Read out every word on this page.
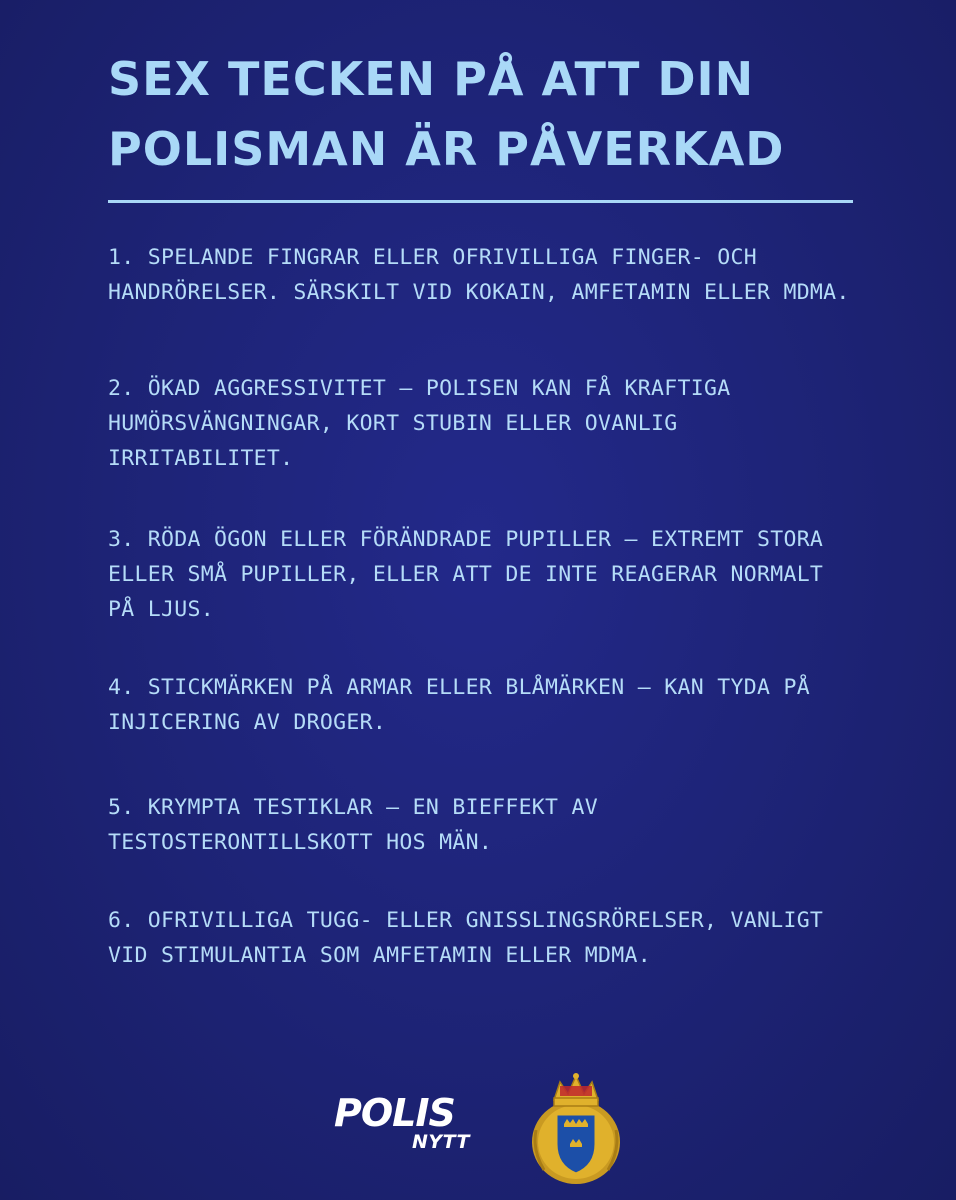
SEX TECKEN PÅ ATT DIN
POLISMAN ÄR PÅVERKAD

1. SPELANDE FINGRAR ELLER OFRIVILLIGA FINGER- OCH HANDRÖRELSER. SÄRSKILT VID KOKAIN, AMFETAMIN ELLER MDMA.

2. ÖKAD AGGRESSIVITET – POLISEN KAN FÅ KRAFTIGA HUMÖRSVÄNGNINGAR, KORT STUBIN ELLER OVANLIG IRRITABILITET.

3. RÖDA ÖGON ELLER FÖRÄNDRADE PUPILLER – EXTREMT STORA ELLER SMÅ PUPILLER, ELLER ATT DE INTE REAGERAR NORMALT PÅ LJUS.

4. STICKMÄRKEN PÅ ARMAR ELLER BLÅMÄRKEN – KAN TYDA PÅ INJICERING AV DROGER.

5. KRYMPTA TESTIKLAR – EN BIEFFEKT AV TESTOSTERONTILLSKOTT HOS MÄN.

6. OFRIVILLIGA TUGG- ELLER GNISSLINGSRÖRELSER, VANLIGT VID STIMULANTIA SOM AMFETAMIN ELLER MDMA.

POLIS
NYTT
